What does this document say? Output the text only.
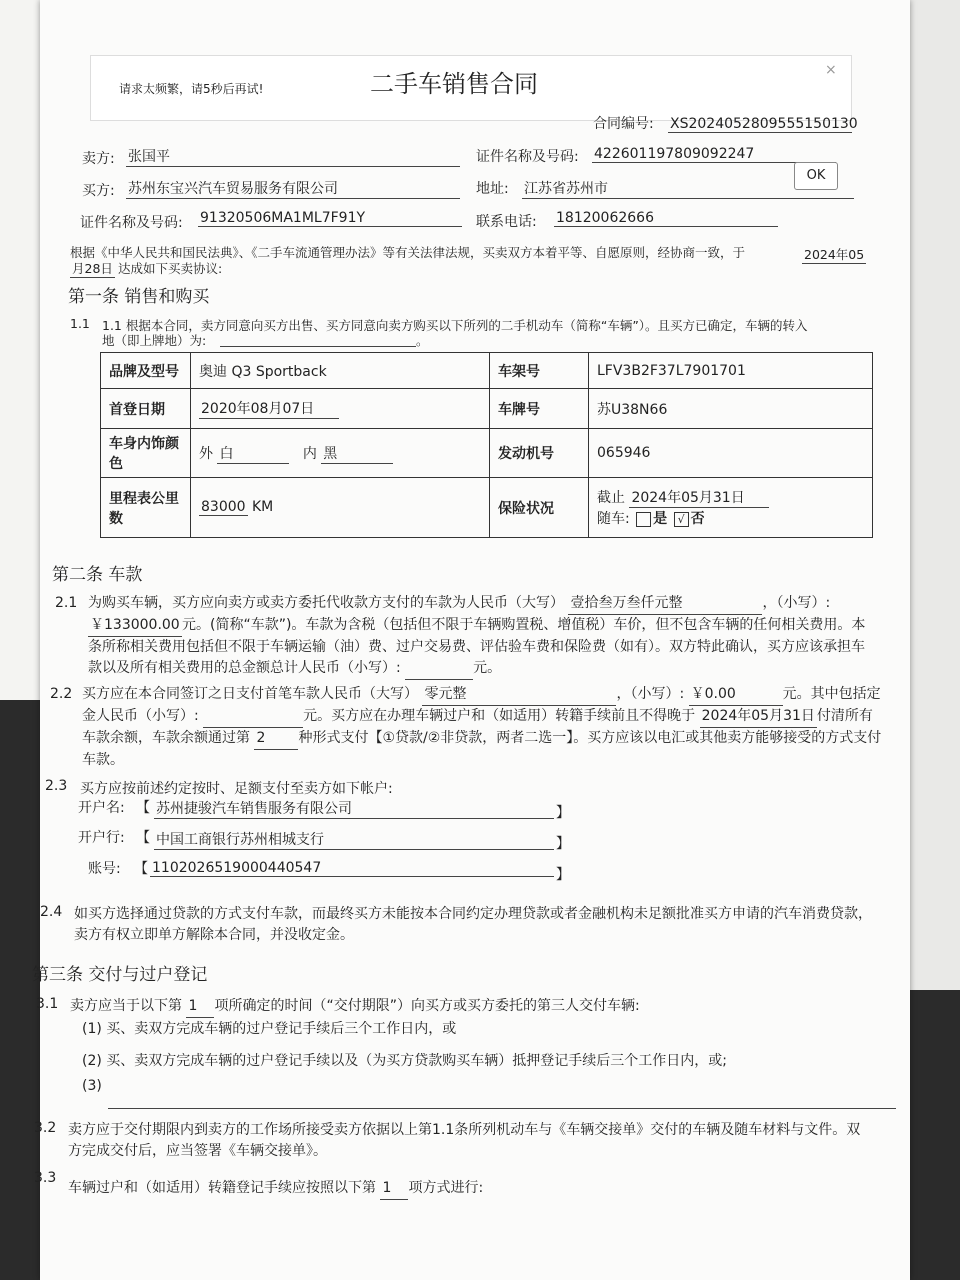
请求太频繁，请5秒后再试!
×
二手车销售合同
合同编号: XS2024052809555150130
卖方: 张国平	证件名称及号码: 422601197809092247
OK
买方: 苏州东宝兴汽车贸易服务有限公司	地址: 江苏省苏州市
证件名称及号码: 91320506MA1ML7F91Y	联系电话: 18120062666
根据《中华人民共和国民法典》、《二手车流通管理办法》等有关法律法规，买卖双方本着平等、自愿原则，经协商一致，于	2024年05
月28日 达成如下买卖协议:
第一条 销售和购买
1.1 1.1 根据本合同，卖方同意向买方出售、买方同意向卖方购买以下所列的二手机动车（简称“车辆”）。且买方已确定，车辆的转入
地（即上牌地）为:	。
品牌及型号	奥迪 Q3 Sportback	车架号	LFV3B2F37L7901701
首登日期	2020年08月07日	车牌号	苏U38N66
车身内饰颜色	外 白 内 黑	发动机号	065946
里程表公里数	83000 KM	保险状况	截止 2024年05月31日
随车: 是 √ 否
第二条 车款
2.1 为购买车辆，买方应向卖方或卖方委托代收款方支付的车款为人民币（大写） 壹拾叁万叁仟元整	，（小写）: ￥133000.00 元。(简称“车款”)。车款为含税（包括但不限于车辆购置税、增值税）车价，但不包含车辆的任何相关费用。本条所称相关费用包括但不限于车辆运输（油）费、过户交易费、评估验车费和保险费（如有）。双方特此确认，买方应该承担车款以及所有相关费用的总金额总计人民币（小写）:	元。
2.2 买方应在本合同签订之日支付首笔车款人民币（大写） 零元整	，（小写）: ￥0.00	元。其中包括定金人民币（小写）:	元。买方应在办理车辆过户和（如适用）转籍手续前且不得晚于 2024年05月31日 付清所有车款余额，车款余额通过第 2 种形式支付【①贷款/②非贷款，两者二选一】。买方应该以电汇或其他卖方能够接受的方式支付车款。
2.3 买方应按前述约定按时、足额支付至卖方如下帐户:
开户名: 【 苏州捷骏汽车销售服务有限公司	】
开户行: 【 中国工商银行苏州相城支行	】
账号: 【 1102026519000440547	】
2.4 如买方选择通过贷款的方式支付车款，而最终买方未能按本合同约定办理贷款或者金融机构未足额批准买方申请的汽车消费贷款，卖方有权立即单方解除本合同，并没收定金。
第三条 交付与过户登记
3.1 卖方应当于以下第 1 项所确定的时间（“交付期限”）向买方或买方委托的第三人交付车辆:
(1) 买、卖双方完成车辆的过户登记手续后三个工作日内，或
(2) 买、卖双方完成车辆的过户登记手续以及（为买方贷款购买车辆）抵押登记手续后三个工作日内，或;
(3)
3.2 卖方应于交付期限内到卖方的工作场所接受卖方依据以上第1.1条所列机动车与《车辆交接单》交付的车辆及随车材料与文件。双方完成交付后，应当签署《车辆交接单》。
3.3
车辆过户和（如适用）转籍登记手续应按照以下第 1 项方式进行:
